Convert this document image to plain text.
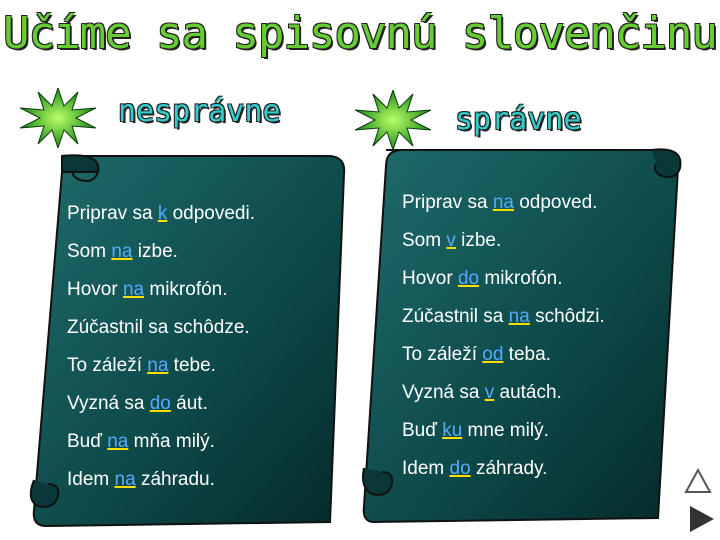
Učíme sa spisovnú slovenčinu
nesprávne	správne
Priprav sa k odpovedi.
Som na izbe.
Hovor na mikrofón.
Zúčastnil sa schôdze.
To záleží na tebe.
Vyzná sa do áut.
Buď na mňa milý.
Idem na záhradu.
Priprav sa na odpoved.
Som v izbe.
Hovor do mikrofón.
Zúčastnil sa na schôdzi.
To záleží od teba.
Vyzná sa v autách.
Buď ku mne milý.
Idem do záhrady.
